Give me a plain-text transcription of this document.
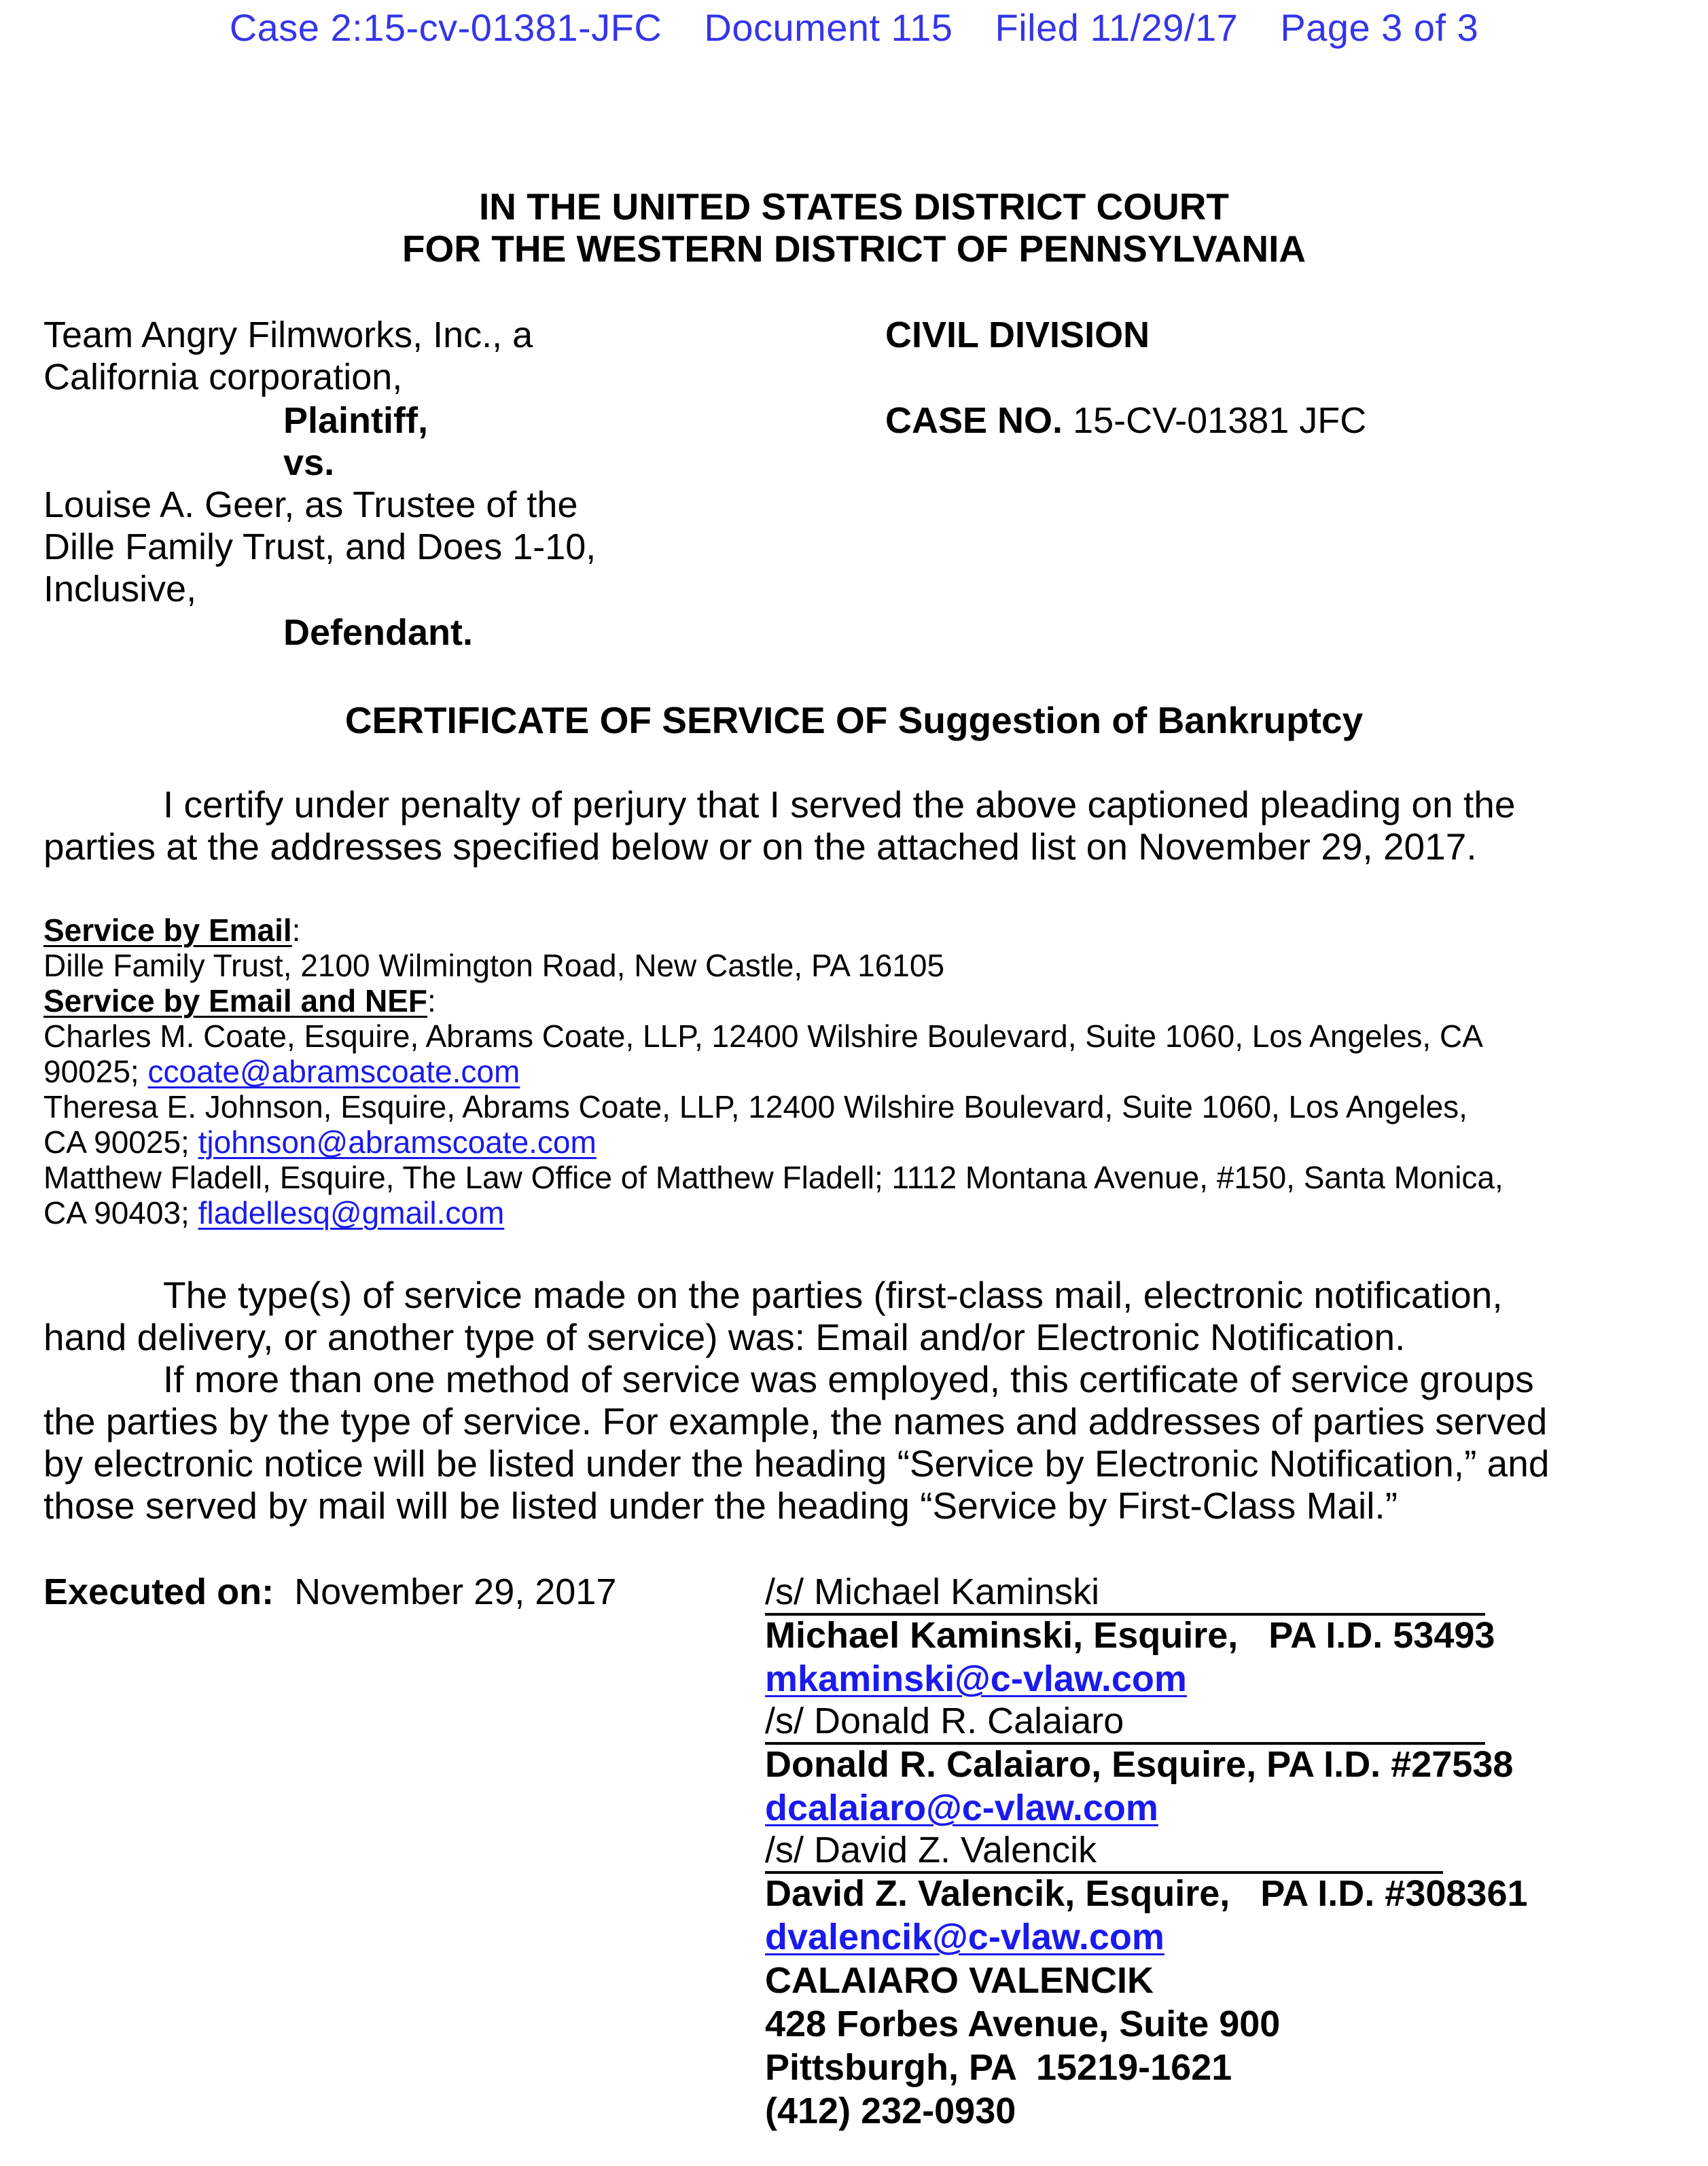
Case 2:15-cv-01381-JFC Document 115 Filed 11/29/17 Page 3 of 3
IN THE UNITED STATES DISTRICT COURT
FOR THE WESTERN DISTRICT OF PENNSYLVANIA
Team Angry Filmworks, Inc., a
California corporation,
Plaintiff,
vs.
Louise A. Geer, as Trustee of the
Dille Family Trust, and Does 1-10,
Inclusive,
Defendant.
CIVIL DIVISION
CASE NO. 15-CV-01381 JFC
CERTIFICATE OF SERVICE OF Suggestion of Bankruptcy
I certify under penalty of perjury that I served the above captioned pleading on the
parties at the addresses specified below or on the attached list on November 29, 2017.
Service by Email:
Dille Family Trust, 2100 Wilmington Road, New Castle, PA 16105
Service by Email and NEF:
Charles M. Coate, Esquire, Abrams Coate, LLP, 12400 Wilshire Boulevard, Suite 1060, Los Angeles, CA
90025; ccoate@abramscoate.com
Theresa E. Johnson, Esquire, Abrams Coate, LLP, 12400 Wilshire Boulevard, Suite 1060, Los Angeles,
CA 90025; tjohnson@abramscoate.com
Matthew Fladell, Esquire, The Law Office of Matthew Fladell; 1112 Montana Avenue, #150, Santa Monica,
CA 90403; fladellesq@gmail.com
The type(s) of service made on the parties (first-class mail, electronic notification,
hand delivery, or another type of service) was: Email and/or Electronic Notification.
If more than one method of service was employed, this certificate of service groups
the parties by the type of service. For example, the names and addresses of parties served
by electronic notice will be listed under the heading “Service by Electronic Notification,” and
those served by mail will be listed under the heading “Service by First-Class Mail.”
Executed on: November 29, 2017	/s/ Michael Kaminski
Michael Kaminski, Esquire,   PA I.D. 53493
mkaminski@c-vlaw.com
/s/ Donald R. Calaiaro
Donald R. Calaiaro, Esquire, PA I.D. #27538
dcalaiaro@c-vlaw.com
/s/ David Z. Valencik
David Z. Valencik, Esquire,   PA I.D. #308361
dvalencik@c-vlaw.com
CALAIARO VALENCIK
428 Forbes Avenue, Suite 900
Pittsburgh, PA  15219-1621
(412) 232-0930
